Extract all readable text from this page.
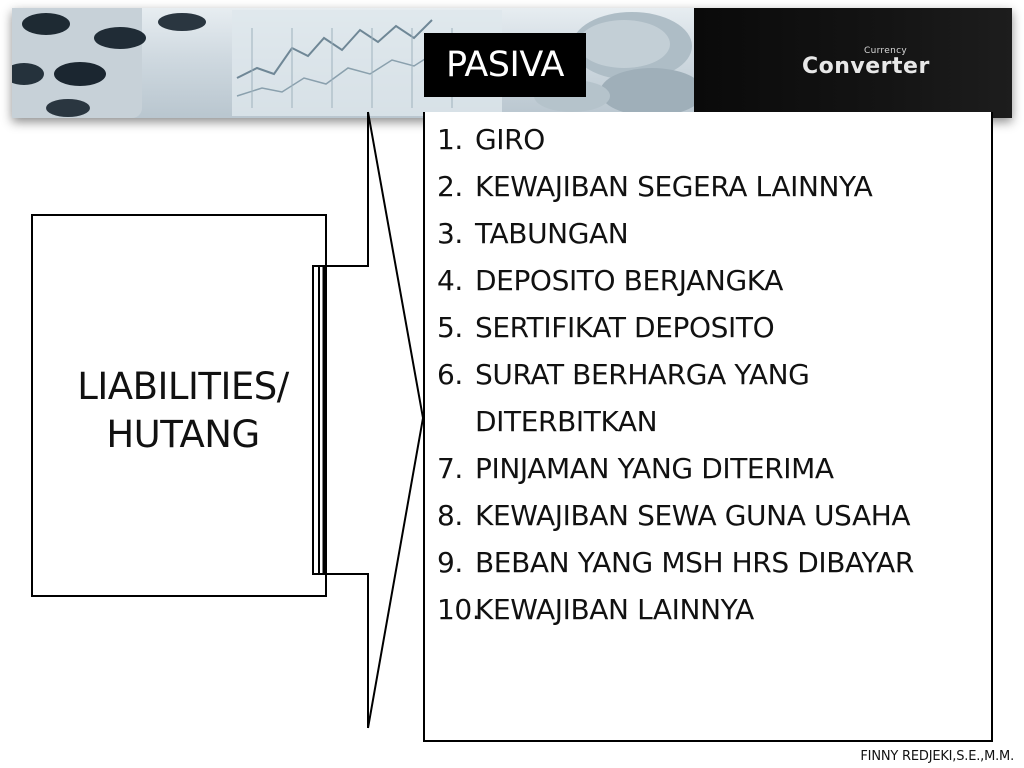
Currency
Converter
PASIVA
LIABILITIES/
HUTANG
1. GIRO
2. KEWAJIBAN SEGERA LAINNYA
3. TABUNGAN
4. DEPOSITO BERJANGKA
5. SERTIFIKAT DEPOSITO
6. SURAT BERHARGA YANG DITERBITKAN
7. PINJAMAN YANG DITERIMA
8. KEWAJIBAN SEWA GUNA USAHA
9. BEBAN YANG MSH HRS DIBAYAR
10.
KEWAJIBAN LAINNYA
FINNY REDJEKI,S.E.,M.M.
